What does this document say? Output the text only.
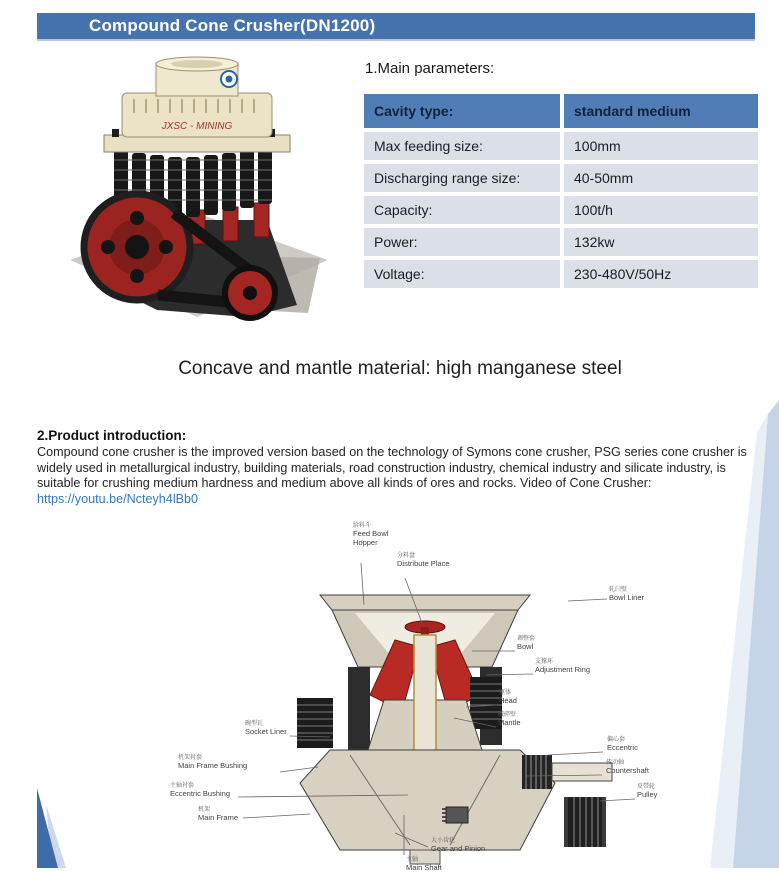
Compound Cone Crusher(DN1200)
JXSC - MINING
1.Main parameters:
Cavity type:	standard medium
Max feeding size:	100mm
Discharging range size:	40-50mm
Capacity:	100t/h
Power:	132kw
Voltage:	230-480V/50Hz
Concave and mantle material: high manganese steel
2.Product introduction:
Compound cone crusher is the improved version based on the technology of Symons cone crusher, PSG series cone crusher is widely used in metallurgical industry, building materials, road construction industry, chemical industry and silicate industry, is suitable for crushing medium hardness and medium above all kinds of ores and rocks. Video of Cone Crusher: https://youtu.be/Ncteyh4lBb0
给料斗
Feed Bowl Hopper
分料盘
Distribute Place
轧臼壁
Bowl Liner
调整套
Bowl
支撑环
Adjustment Ring
躯体
Head
破碎壁
Mantle
偏心套
Eccentric
传动轴
Countershaft
皮带轮
Pulley
碗型瓦
Socket Liner
机架衬套
Main Frame Bushing
主轴衬套
Eccentric Bushing
机架
Main Frame
大小齿轮
Gear and Pinion
主轴
Main Shaft
